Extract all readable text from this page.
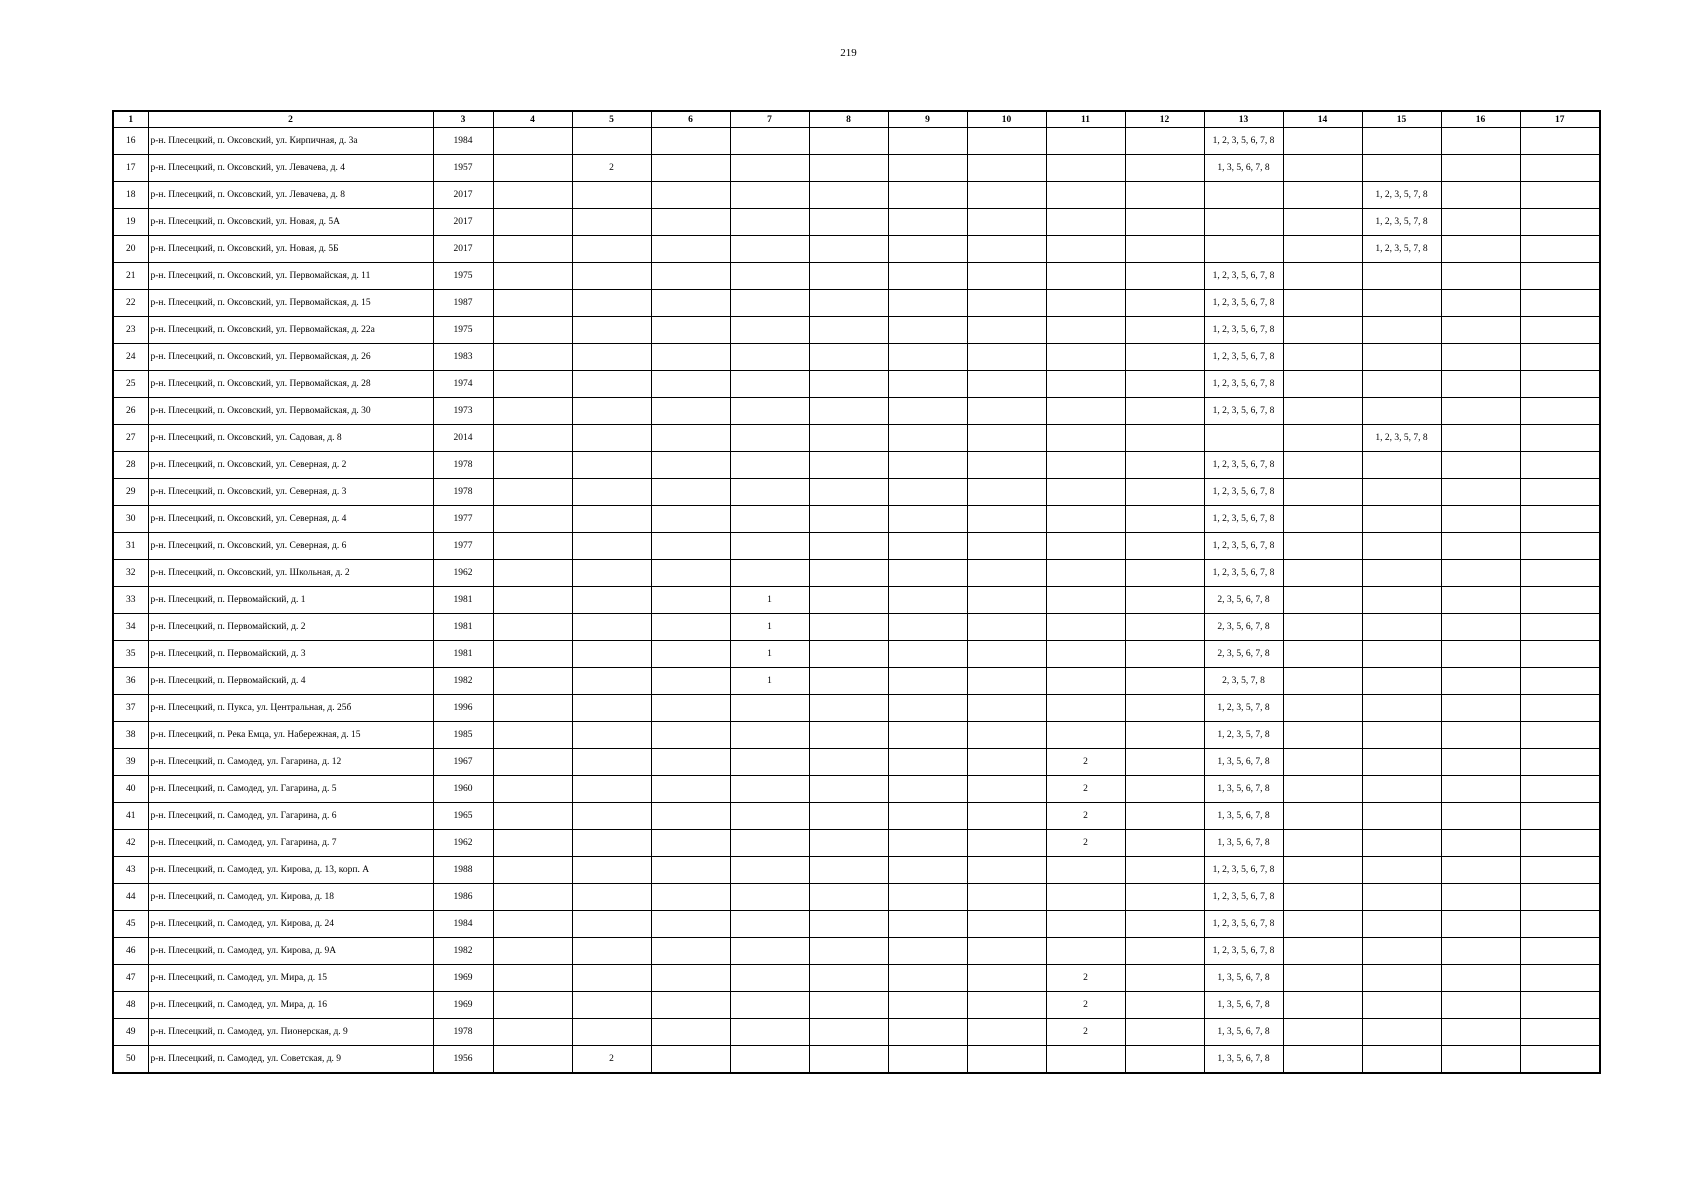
219
1	2	3	4	5	6	7	8	9	10	11	12	13	14	15	16	17
16	р-н. Плесецкий, п. Оксовский, ул. Кирпичная, д. 3а	1984										1, 2, 3, 5, 6, 7, 8				
17	р-н. Плесецкий, п. Оксовский, ул. Левачева, д. 4	1957		2								1, 3, 5, 6, 7, 8				
18	р-н. Плесецкий, п. Оксовский, ул. Левачева, д. 8	2017												1, 2, 3, 5, 7, 8		
19	р-н. Плесецкий, п. Оксовский, ул. Новая, д. 5А	2017												1, 2, 3, 5, 7, 8		
20	р-н. Плесецкий, п. Оксовский, ул. Новая, д. 5Б	2017												1, 2, 3, 5, 7, 8		
21	р-н. Плесецкий, п. Оксовский, ул. Первомайская, д. 11	1975										1, 2, 3, 5, 6, 7, 8				
22	р-н. Плесецкий, п. Оксовский, ул. Первомайская, д. 15	1987										1, 2, 3, 5, 6, 7, 8				
23	р-н. Плесецкий, п. Оксовский, ул. Первомайская, д. 22а	1975										1, 2, 3, 5, 6, 7, 8				
24	р-н. Плесецкий, п. Оксовский, ул. Первомайская, д. 26	1983										1, 2, 3, 5, 6, 7, 8				
25	р-н. Плесецкий, п. Оксовский, ул. Первомайская, д. 28	1974										1, 2, 3, 5, 6, 7, 8				
26	р-н. Плесецкий, п. Оксовский, ул. Первомайская, д. 30	1973										1, 2, 3, 5, 6, 7, 8				
27	р-н. Плесецкий, п. Оксовский, ул. Садовая, д. 8	2014												1, 2, 3, 5, 7, 8		
28	р-н. Плесецкий, п. Оксовский, ул. Северная, д. 2	1978										1, 2, 3, 5, 6, 7, 8				
29	р-н. Плесецкий, п. Оксовский, ул. Северная, д. 3	1978										1, 2, 3, 5, 6, 7, 8				
30	р-н. Плесецкий, п. Оксовский, ул. Северная, д. 4	1977										1, 2, 3, 5, 6, 7, 8				
31	р-н. Плесецкий, п. Оксовский, ул. Северная, д. 6	1977										1, 2, 3, 5, 6, 7, 8				
32	р-н. Плесецкий, п. Оксовский, ул. Школьная, д. 2	1962										1, 2, 3, 5, 6, 7, 8				
33	р-н. Плесецкий, п. Первомайский, д. 1	1981				1						2, 3, 5, 6, 7, 8				
34	р-н. Плесецкий, п. Первомайский, д. 2	1981				1						2, 3, 5, 6, 7, 8				
35	р-н. Плесецкий, п. Первомайский, д. 3	1981				1						2, 3, 5, 6, 7, 8				
36	р-н. Плесецкий, п. Первомайский, д. 4	1982				1						2, 3, 5, 7, 8				
37	р-н. Плесецкий, п. Пукса, ул. Центральная, д. 25б	1996										1, 2, 3, 5, 7, 8				
38	р-н. Плесецкий, п. Река Емца, ул. Набережная, д. 15	1985										1, 2, 3, 5, 7, 8				
39	р-н. Плесецкий, п. Самодед, ул. Гагарина, д. 12	1967								2		1, 3, 5, 6, 7, 8				
40	р-н. Плесецкий, п. Самодед, ул. Гагарина, д. 5	1960								2		1, 3, 5, 6, 7, 8				
41	р-н. Плесецкий, п. Самодед, ул. Гагарина, д. 6	1965								2		1, 3, 5, 6, 7, 8				
42	р-н. Плесецкий, п. Самодед, ул. Гагарина, д. 7	1962								2		1, 3, 5, 6, 7, 8				
43	р-н. Плесецкий, п. Самодед, ул. Кирова, д. 13, корп. А	1988										1, 2, 3, 5, 6, 7, 8				
44	р-н. Плесецкий, п. Самодед, ул. Кирова, д. 18	1986										1, 2, 3, 5, 6, 7, 8				
45	р-н. Плесецкий, п. Самодед, ул. Кирова, д. 24	1984										1, 2, 3, 5, 6, 7, 8				
46	р-н. Плесецкий, п. Самодед, ул. Кирова, д. 9А	1982										1, 2, 3, 5, 6, 7, 8				
47	р-н. Плесецкий, п. Самодед, ул. Мира, д. 15	1969								2		1, 3, 5, 6, 7, 8				
48	р-н. Плесецкий, п. Самодед, ул. Мира, д. 16	1969								2		1, 3, 5, 6, 7, 8				
49	р-н. Плесецкий, п. Самодед, ул. Пионерская, д. 9	1978								2		1, 3, 5, 6, 7, 8				
50	р-н. Плесецкий, п. Самодед, ул. Советская, д. 9	1956		2								1, 3, 5, 6, 7, 8				
